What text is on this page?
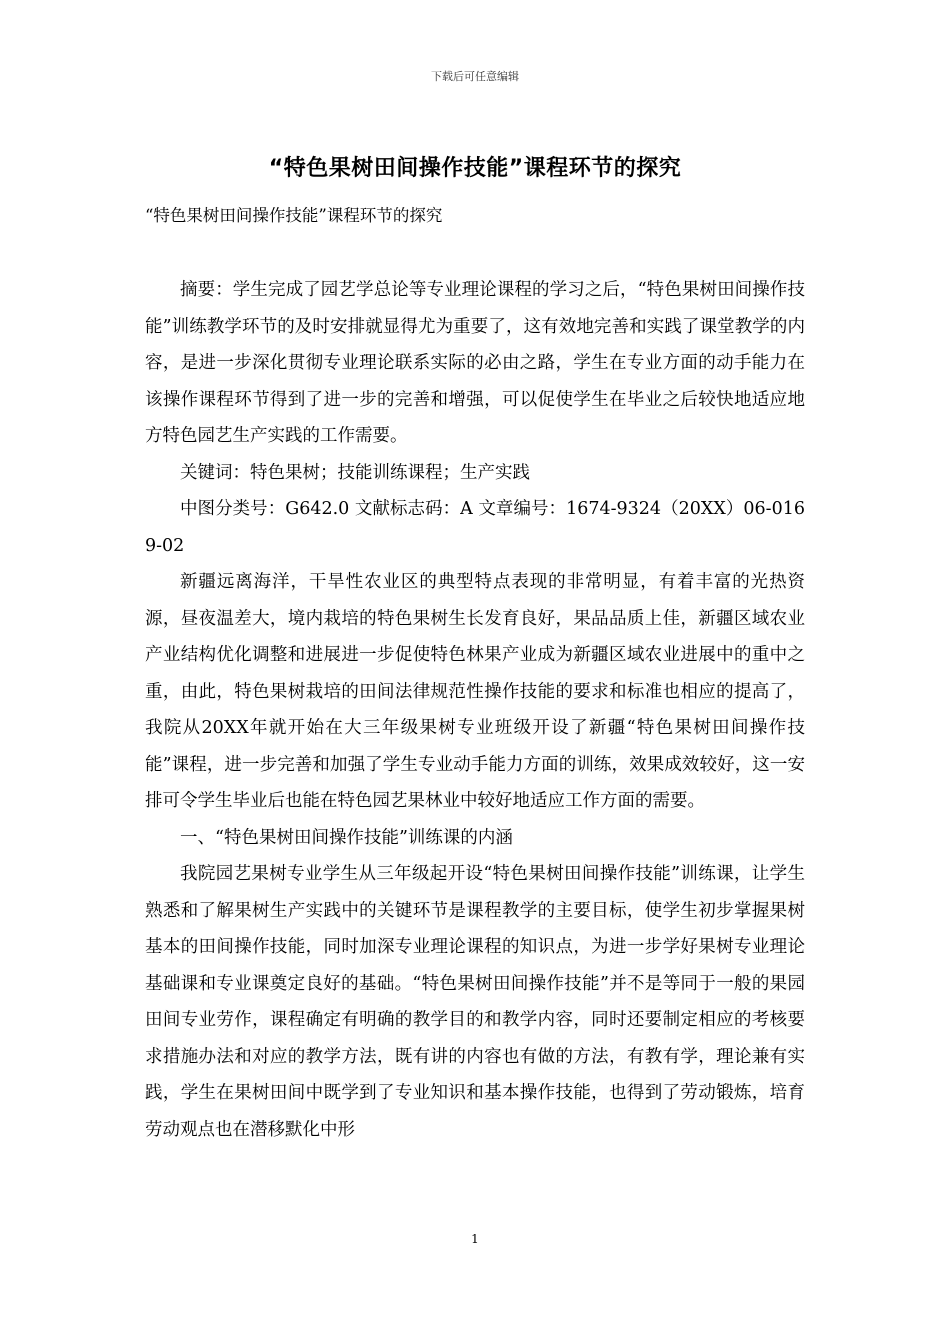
下载后可任意编辑
“特色果树田间操作技能”课程环节的探究
“特色果树田间操作技能”课程环节的探究

摘要：学生完成了园艺学总论等专业理论课程的学习之后，“特色果树田间操作技能”训练教学环节的及时安排就显得尤为重要了，这有效地完善和实践了课堂教学的内容，是进一步深化贯彻专业理论联系实际的必由之路，学生在专业方面的动手能力在该操作课程环节得到了进一步的完善和增强，可以促使学生在毕业之后较快地适应地方特色园艺生产实践的工作需要。

关键词：特色果树；技能训练课程；生产实践

中图分类号：G642.0 文献标志码：A 文章编号：1674-9324（20XX）06-0169-02

新疆远离海洋，干旱性农业区的典型特点表现的非常明显，有着丰富的光热资源，昼夜温差大，境内栽培的特色果树生长发育良好，果品品质上佳，新疆区域农业产业结构优化调整和进展进一步促使特色林果产业成为新疆区域农业进展中的重中之重，由此，特色果树栽培的田间法律规范性操作技能的要求和标准也相应的提高了，我院从20XX年就开始在大三年级果树专业班级开设了新疆“特色果树田间操作技能”课程，进一步完善和加强了学生专业动手能力方面的训练，效果成效较好，这一安排可令学生毕业后也能在特色园艺果林业中较好地适应工作方面的需要。

一、“特色果树田间操作技能”训练课的内涵

我院园艺果树专业学生从三年级起开设“特色果树田间操作技能”训练课，让学生熟悉和了解果树生产实践中的关键环节是课程教学的主要目标，使学生初步掌握果树基本的田间操作技能，同时加深专业理论课程的知识点，为进一步学好果树专业理论基础课和专业课奠定良好的基础。“特色果树田间操作技能”并不是等同于一般的果园田间专业劳作，课程确定有明确的教学目的和教学内容，同时还要制定相应的考核要求措施办法和对应的教学方法，既有讲的内容也有做的方法，有教有学，理论兼有实践，学生在果树田间中既学到了专业知识和基本操作技能，也得到了劳动锻炼，培育劳动观点也在潜移默化中形

1
